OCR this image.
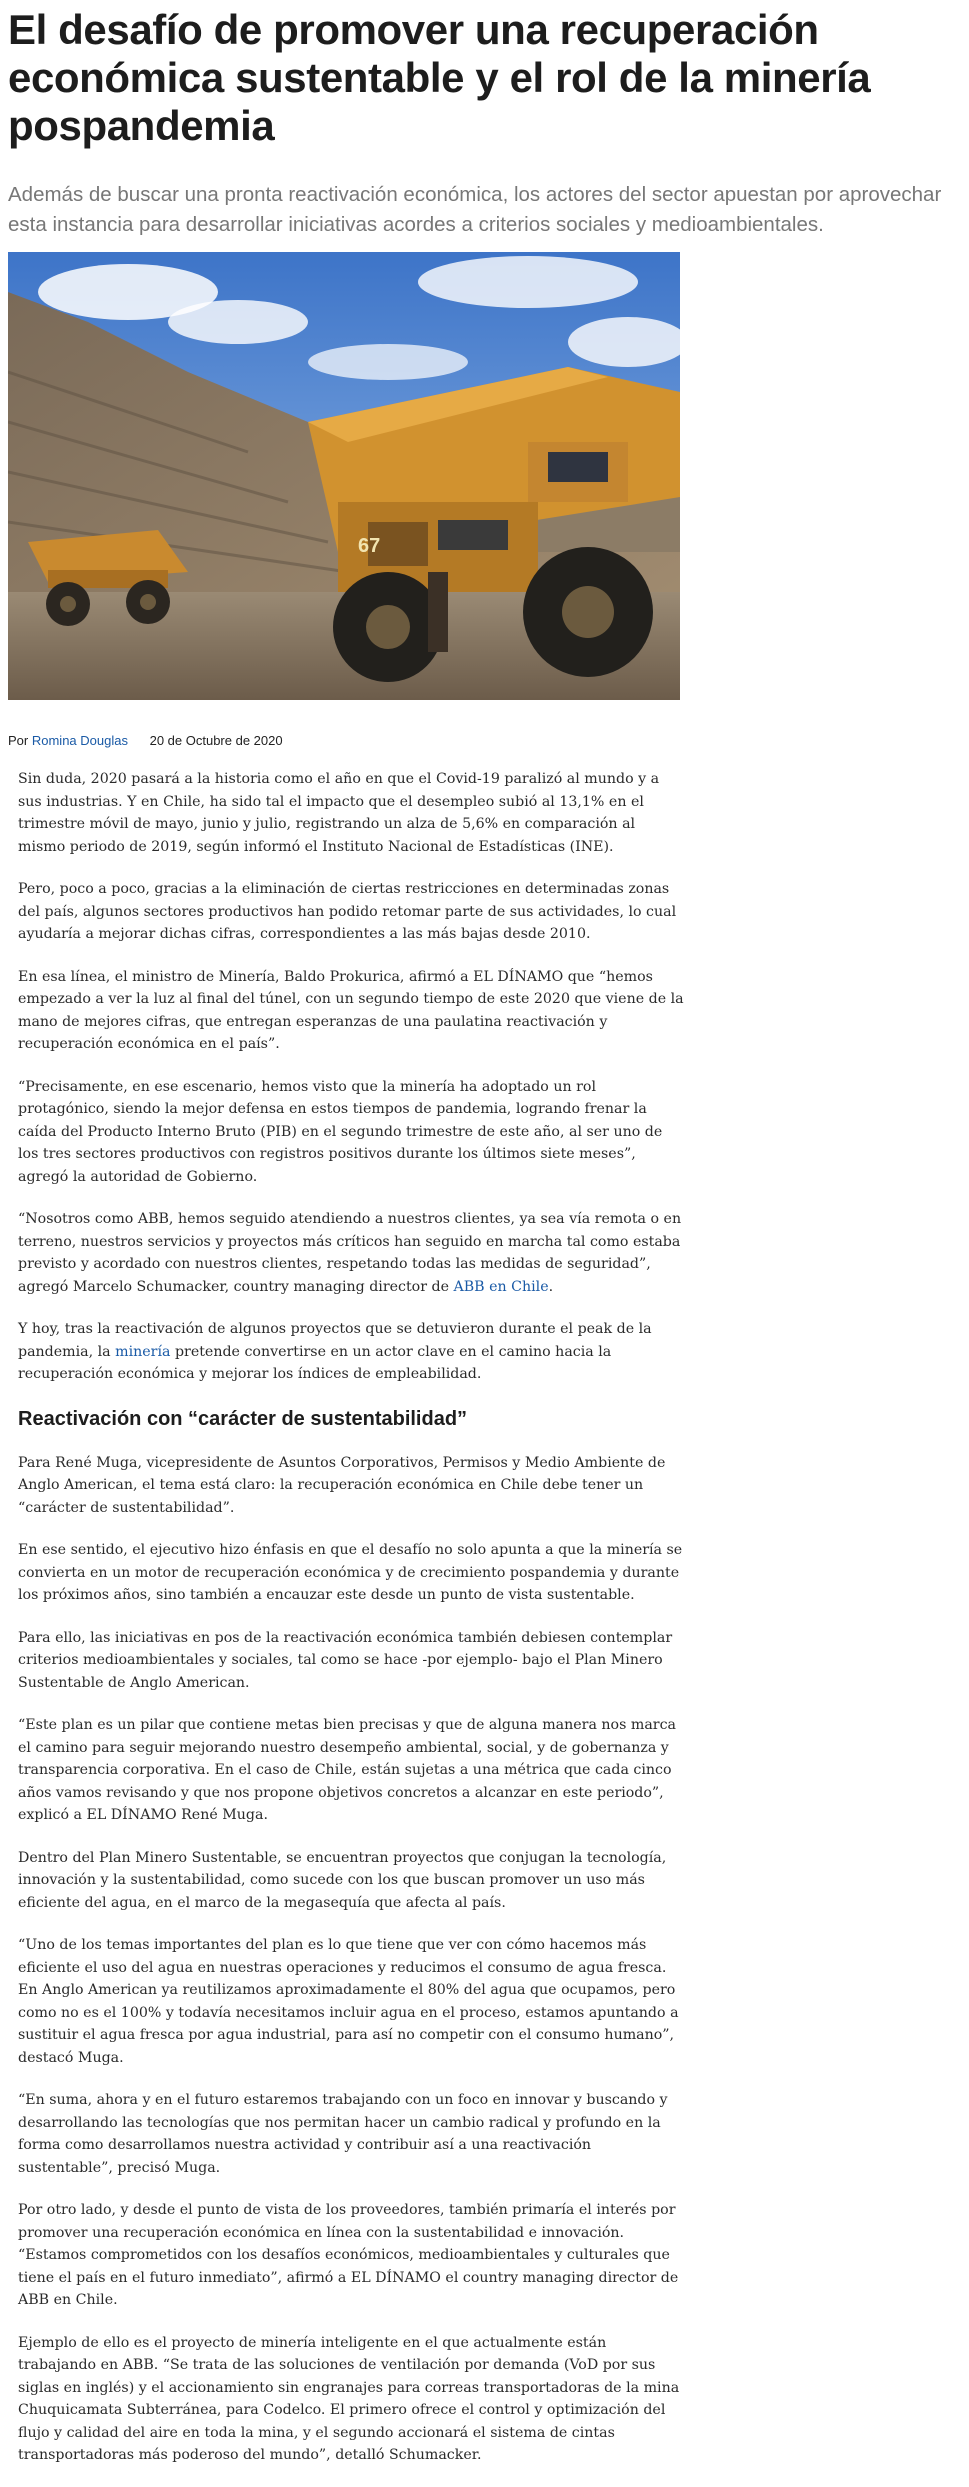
El desafío de promover una recuperación económica sustentable y el rol de la minería pospandemia
Además de buscar una pronta reactivación económica, los actores del sector apuestan por aprovechar esta instancia para desarrollar iniciativas acordes a criterios sociales y medioambientales.
67
Por Romina Douglas 20 de Octubre de 2020

Sin duda, 2020 pasará a la historia como el año en que el Covid-19 paralizó al mundo y a sus industrias. Y en Chile, ha sido tal el impacto que el desempleo subió al 13,1% en el trimestre móvil de mayo, junio y julio, registrando un alza de 5,6% en comparación al mismo periodo de 2019, según informó el Instituto Nacional de Estadísticas (INE).

Pero, poco a poco, gracias a la eliminación de ciertas restricciones en determinadas zonas del país, algunos sectores productivos han podido retomar parte de sus actividades, lo cual ayudaría a mejorar dichas cifras, correspondientes a las más bajas desde 2010.

En esa línea, el ministro de Minería, Baldo Prokurica, afirmó a EL DÍNAMO que “hemos empezado a ver la luz al final del túnel, con un segundo tiempo de este 2020 que viene de la mano de mejores cifras, que entregan esperanzas de una paulatina reactivación y recuperación económica en el país”.

“Precisamente, en ese escenario, hemos visto que la minería ha adoptado un rol protagónico, siendo la mejor defensa en estos tiempos de pandemia, logrando frenar la caída del Producto Interno Bruto (PIB) en el segundo trimestre de este año, al ser uno de los tres sectores productivos con registros positivos durante los últimos siete meses”, agregó la autoridad de Gobierno.

“Nosotros como ABB, hemos seguido atendiendo a nuestros clientes, ya sea vía remota o en terreno, nuestros servicios y proyectos más críticos han seguido en marcha tal como estaba previsto y acordado con nuestros clientes, respetando todas las medidas de seguridad”, agregó Marcelo Schumacker, country managing director de ABB en Chile.

Y hoy, tras la reactivación de algunos proyectos que se detuvieron durante el peak de la pandemia, la minería pretende convertirse en un actor clave en el camino hacia la recuperación económica y mejorar los índices de empleabilidad.

Reactivación con “carácter de sustentabilidad”

Para René Muga, vicepresidente de Asuntos Corporativos, Permisos y Medio Ambiente de Anglo American, el tema está claro: la recuperación económica en Chile debe tener un “carácter de sustentabilidad”.

En ese sentido, el ejecutivo hizo énfasis en que el desafío no solo apunta a que la minería se convierta en un motor de recuperación económica y de crecimiento pospandemia y durante los próximos años, sino también a encauzar este desde un punto de vista sustentable.

Para ello, las iniciativas en pos de la reactivación económica también debiesen contemplar criterios medioambientales y sociales, tal como se hace -por ejemplo- bajo el Plan Minero Sustentable de Anglo American.

“Este plan es un pilar que contiene metas bien precisas y que de alguna manera nos marca el camino para seguir mejorando nuestro desempeño ambiental, social, y de gobernanza y transparencia corporativa. En el caso de Chile, están sujetas a una métrica que cada cinco años vamos revisando y que nos propone objetivos concretos a alcanzar en este periodo”, explicó a EL DÍNAMO René Muga.

Dentro del Plan Minero Sustentable, se encuentran proyectos que conjugan la tecnología, innovación y la sustentabilidad, como sucede con los que buscan promover un uso más eficiente del agua, en el marco de la megasequía que afecta al país.

“Uno de los temas importantes del plan es lo que tiene que ver con cómo hacemos más eficiente el uso del agua en nuestras operaciones y reducimos el consumo de agua fresca. En Anglo American ya reutilizamos aproximadamente el 80% del agua que ocupamos, pero como no es el 100% y todavía necesitamos incluir agua en el proceso, estamos apuntando a sustituir el agua fresca por agua industrial, para así no competir con el consumo humano”, destacó Muga.

“En suma, ahora y en el futuro estaremos trabajando con un foco en innovar y buscando y desarrollando las tecnologías que nos permitan hacer un cambio radical y profundo en la forma como desarrollamos nuestra actividad y contribuir así a una reactivación sustentable”, precisó Muga.

Por otro lado, y desde el punto de vista de los proveedores, también primaría el interés por promover una recuperación económica en línea con la sustentabilidad e innovación. “Estamos comprometidos con los desafíos económicos, medioambientales y culturales que tiene el país en el futuro inmediato”, afirmó a EL DÍNAMO el country managing director de ABB en Chile.

Ejemplo de ello es el proyecto de minería inteligente en el que actualmente están trabajando en ABB. “Se trata de las soluciones de ventilación por demanda (VoD por sus siglas en inglés) y el accionamiento sin engranajes para correas transportadoras de la mina Chuquicamata Subterránea, para Codelco. El primero ofrece el control y optimización del flujo y calidad del aire en toda la mina, y el segundo accionará el sistema de cintas transportadoras más poderoso del mundo”, detalló Schumacker.
